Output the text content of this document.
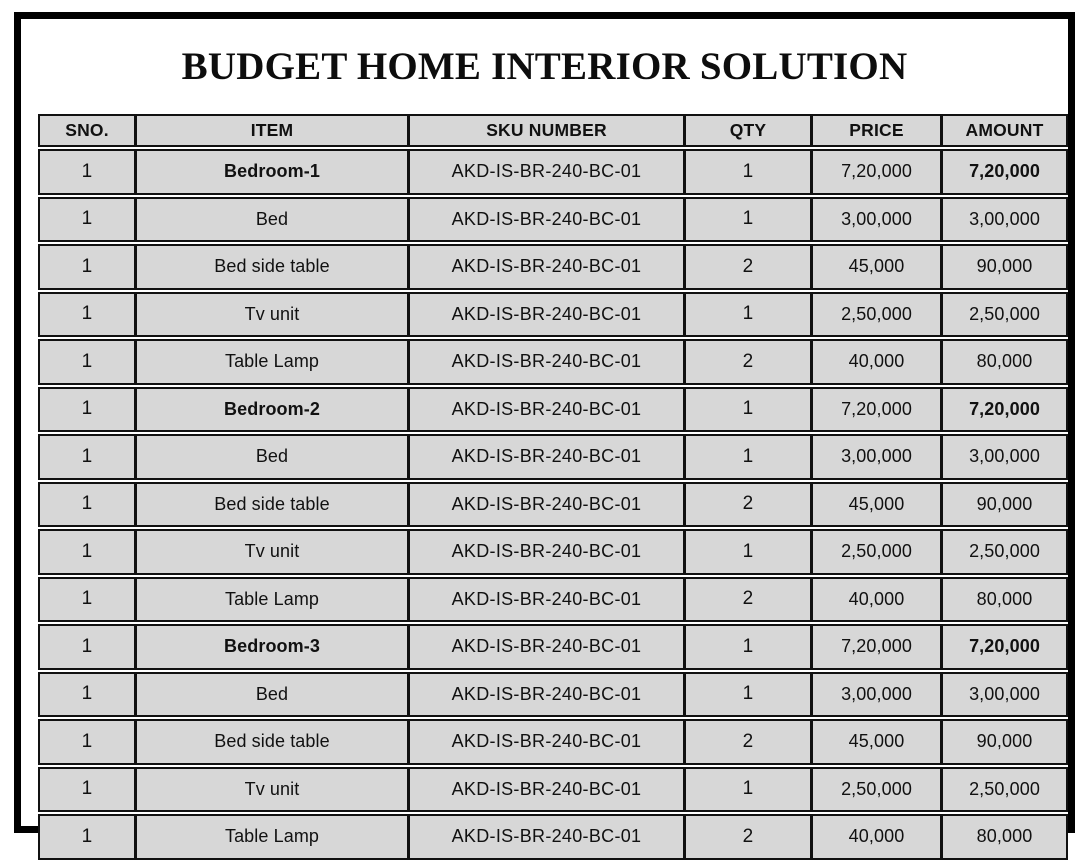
BUDGET HOME INTERIOR SOLUTION
SNO.	ITEM	SKU NUMBER	QTY	PRICE	AMOUNT
1	Bedroom-1	AKD-IS-BR-240-BC-01	1	7,20,000	7,20,000
1	Bed	AKD-IS-BR-240-BC-01	1	3,00,000	3,00,000
1	Bed side table	AKD-IS-BR-240-BC-01	2	45,000	90,000
1	Tv unit	AKD-IS-BR-240-BC-01	1	2,50,000	2,50,000
1	Table Lamp	AKD-IS-BR-240-BC-01	2	40,000	80,000
1	Bedroom-2	AKD-IS-BR-240-BC-01	1	7,20,000	7,20,000
1	Bed	AKD-IS-BR-240-BC-01	1	3,00,000	3,00,000
1	Bed side table	AKD-IS-BR-240-BC-01	2	45,000	90,000
1	Tv unit	AKD-IS-BR-240-BC-01	1	2,50,000	2,50,000
1	Table Lamp	AKD-IS-BR-240-BC-01	2	40,000	80,000
1	Bedroom-3	AKD-IS-BR-240-BC-01	1	7,20,000	7,20,000
1	Bed	AKD-IS-BR-240-BC-01	1	3,00,000	3,00,000
1	Bed side table	AKD-IS-BR-240-BC-01	2	45,000	90,000
1	Tv unit	AKD-IS-BR-240-BC-01	1	2,50,000	2,50,000
1	Table Lamp	AKD-IS-BR-240-BC-01	2	40,000	80,000
